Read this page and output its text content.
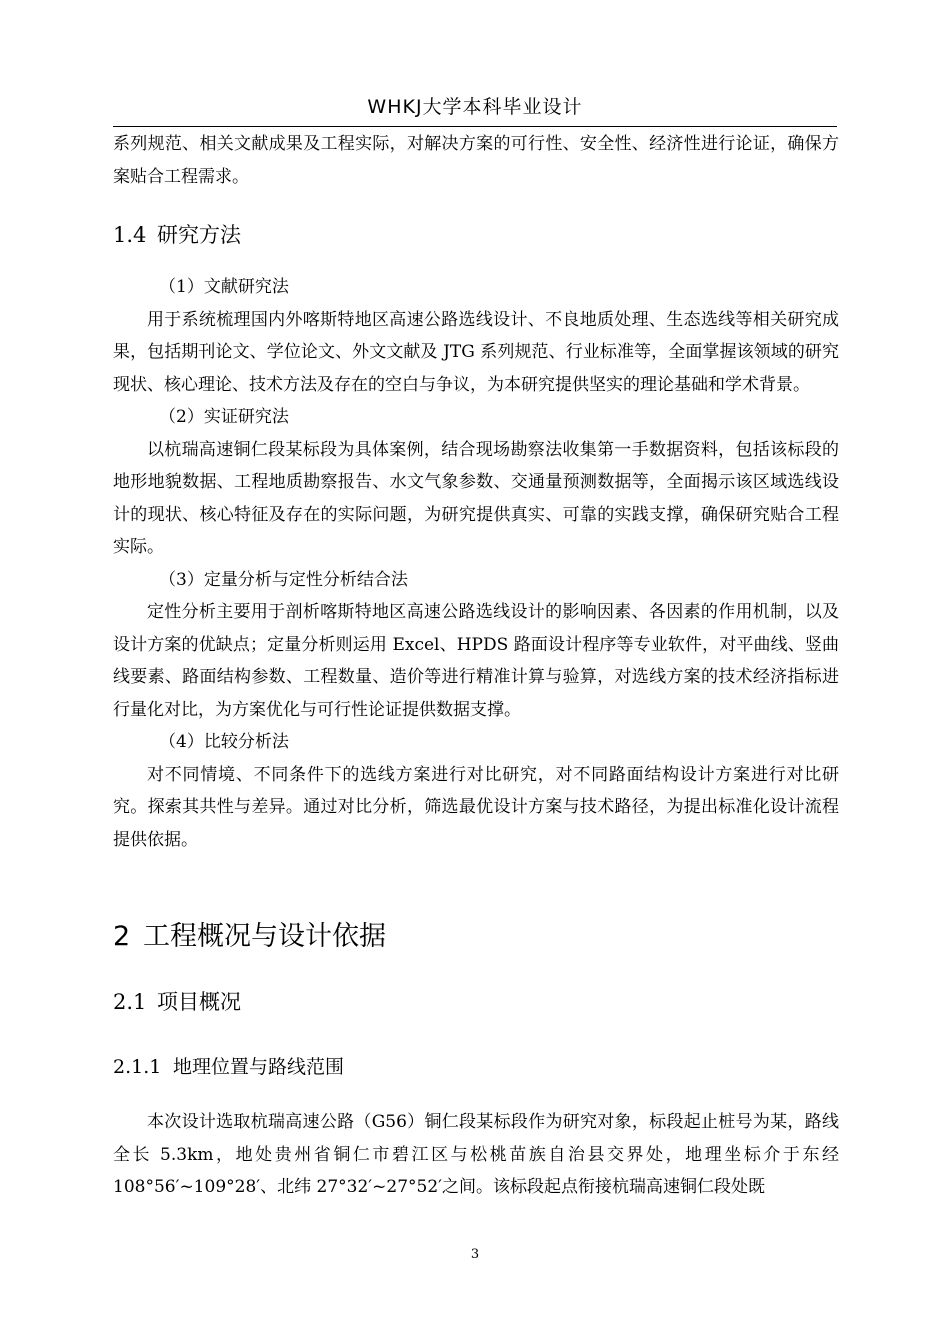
WHKJ大学本科毕业设计

系列规范、相关文献成果及工程实际，对解决方案的可行性、安全性、经济性进行论证，确保方案贴合工程需求。

1.4 研究方法

（1）文献研究法

用于系统梳理国内外喀斯特地区高速公路选线设计、不良地质处理、生态选线等相关研究成果，包括期刊论文、学位论文、外文文献及 JTG 系列规范、行业标准等，全面掌握该领域的研究现状、核心理论、技术方法及存在的空白与争议，为本研究提供坚实的理论基础和学术背景。

（2）实证研究法

以杭瑞高速铜仁段某标段为具体案例，结合现场勘察法收集第一手数据资料，包括该标段的地形地貌数据、工程地质勘察报告、水文气象参数、交通量预测数据等，全面揭示该区域选线设计的现状、核心特征及存在的实际问题，为研究提供真实、可靠的实践支撑，确保研究贴合工程实际。

（3）定量分析与定性分析结合法

定性分析主要用于剖析喀斯特地区高速公路选线设计的影响因素、各因素的作用机制，以及设计方案的优缺点；定量分析则运用 Excel、HPDS 路面设计程序等专业软件，对平曲线、竖曲线要素、路面结构参数、工程数量、造价等进行精准计算与验算，对选线方案的技术经济指标进行量化对比，为方案优化与可行性论证提供数据支撑。

（4）比较分析法

对不同情境、不同条件下的选线方案进行对比研究，对不同路面结构设计方案进行对比研究。探索其共性与差异。通过对比分析，筛选最优设计方案与技术路径，为提出标准化设计流程提供依据。

2 工程概况与设计依据
2.1 项目概况
2.1.1 地理位置与路线范围

本次设计选取杭瑞高速公路（G56）铜仁段某标段作为研究对象，标段起止桩号为某，路线全长 5.3km，地处贵州省铜仁市碧江区与松桃苗族自治县交界处，地理坐标介于东经 108°56′~109°28′、北纬 27°32′~27°52′之间。该标段起点衔接杭瑞高速铜仁段处既

3
